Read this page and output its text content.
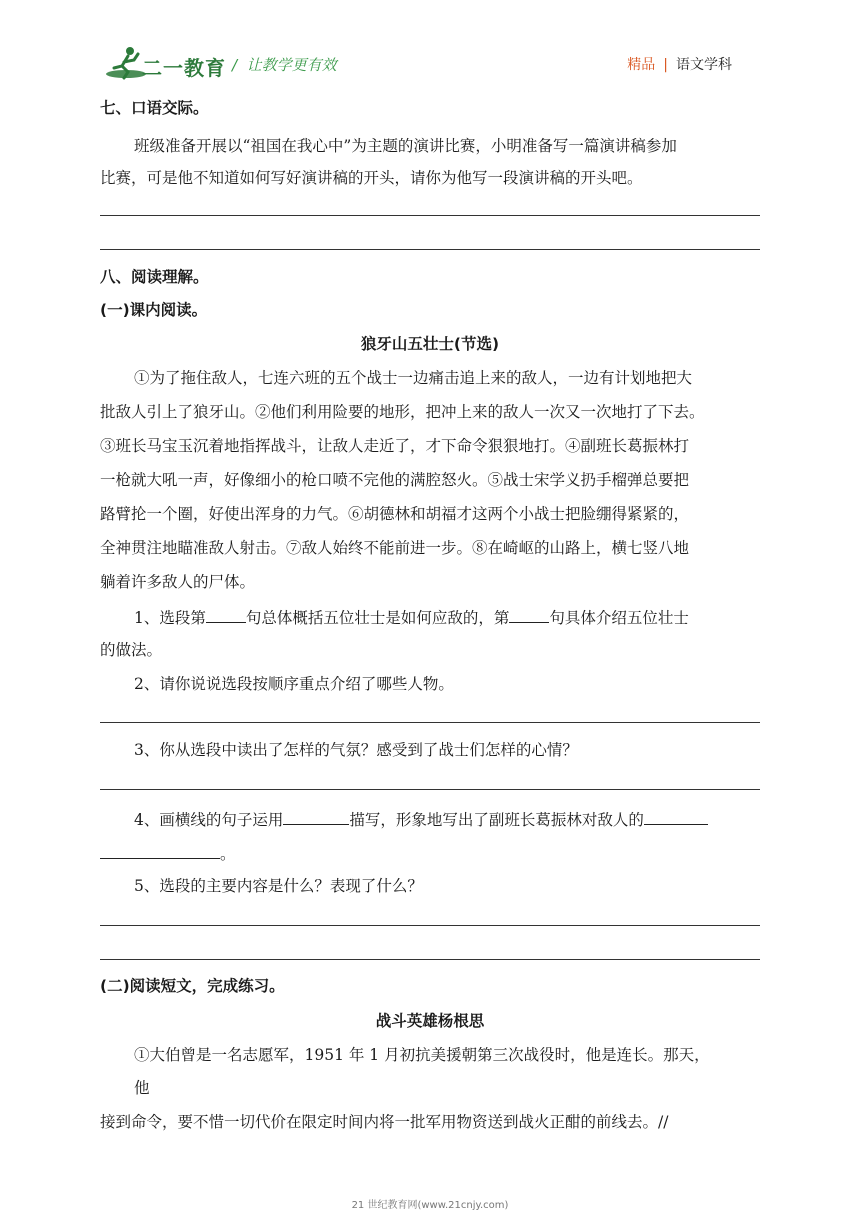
二一教育 / 让教学更有效	精品 | 语文学科
七、口语交际。
班级准备开展以“祖国在我心中”为主题的演讲比赛，小明准备写一篇演讲稿参加
比赛，可是他不知道如何写好演讲稿的开头，请你为他写一段演讲稿的开头吧。
八、阅读理解。
(一)课内阅读。
狼牙山五壮士(节选)
①为了拖住敌人，七连六班的五个战士一边痛击追上来的敌人，一边有计划地把大
批敌人引上了狼牙山。②他们利用险要的地形，把冲上来的敌人一次又一次地打了下去。
③班长马宝玉沉着地指挥战斗，让敌人走近了，才下命令狠狠地打。④副班长葛振林打
一枪就大吼一声，好像细小的枪口喷不完他的满腔怒火。⑤战士宋学义扔手榴弹总要把
路臂抡一个圈，好使出浑身的力气。⑥胡德林和胡福才这两个小战士把脸绷得紧紧的，
全神贯注地瞄准敌人射击。⑦敌人始终不能前进一步。⑧在崎岖的山路上，横七竖八地
躺着许多敌人的尸体。
1、选段第	句总体概括五位壮士是如何应敌的，第	句具体介绍五位壮士
的做法。
2、请你说说选段按顺序重点介绍了哪些人物。
3、你从选段中读出了怎样的气氛？感受到了战士们怎样的心情？
4、画横线的句子运用	描写，形象地写出了副班长葛振林对敌人的
。
5、选段的主要内容是什么？表现了什么？
(二)阅读短文，完成练习。
战斗英雄杨根思
①大伯曾是一名志愿军，1951 年 1 月初抗美援朝第三次战役时，他是连长。那天，
他
接到命令，要不惜一切代价在限定时间内将一批军用物资送到战火正酣的前线去。//
21 世纪教育网(www.21cnjy.com)
